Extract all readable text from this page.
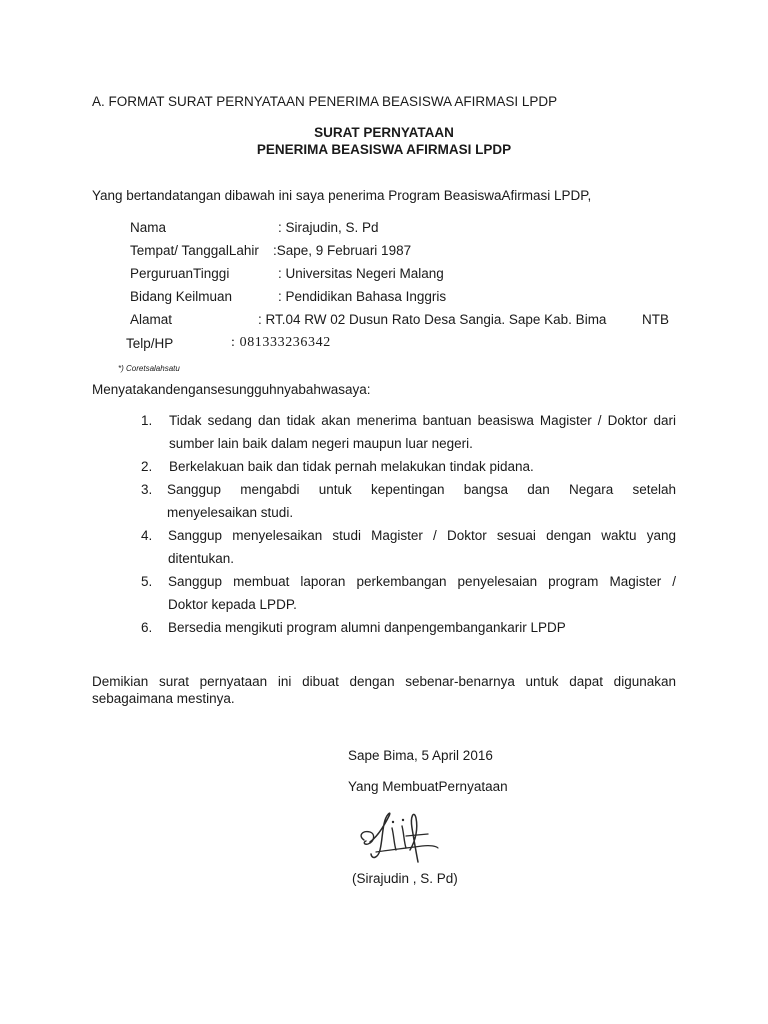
A. FORMAT SURAT PERNYATAAN PENERIMA BEASISWA AFIRMASI LPDP
SURAT PERNYATAAN
PENERIMA BEASISWA AFIRMASI LPDP
Yang bertandatangan dibawah ini saya penerima Program BeasiswaAfirmasi LPDP,
Nama	: Sirajudin, S. Pd
Tempat/ TanggalLahir :Sape, 9 Februari 1987
PerguruanTinggi	: Universitas Negeri Malang
Bidang Keilmuan	: Pendidikan Bahasa Inggris
Alamat	: RT.04 RW 02 Dusun Rato Desa Sangia. Sape Kab. Bima	NTB
Telp/HP	: 081333236342
*) Coretsalahsatu
Menyatakandengansesungguhnyabahwasaya:
1. Tidak sedang dan tidak akan menerima bantuan beasiswa Magister / Doktor dari
sumber lain baik dalam negeri maupun luar negeri.
2. Berkelakuan baik dan tidak pernah melakukan tindak pidana.
3. Sanggup mengabdi untuk kepentingan bangsa dan Negara setelah
menyelesaikan studi.
4. Sanggup menyelesaikan studi Magister / Doktor sesuai dengan waktu yang
ditentukan.
5. Sanggup membuat laporan perkembangan penyelesaian program Magister /
Doktor kepada LPDP.
6. Bersedia mengikuti program alumni danpengembangankarir LPDP
Demikian surat pernyataan ini dibuat dengan sebenar-benarnya untuk dapat digunakan
sebagaimana mestinya.
Sape Bima, 5 April 2016
Yang MembuatPernyataan
(Sirajudin , S. Pd)
